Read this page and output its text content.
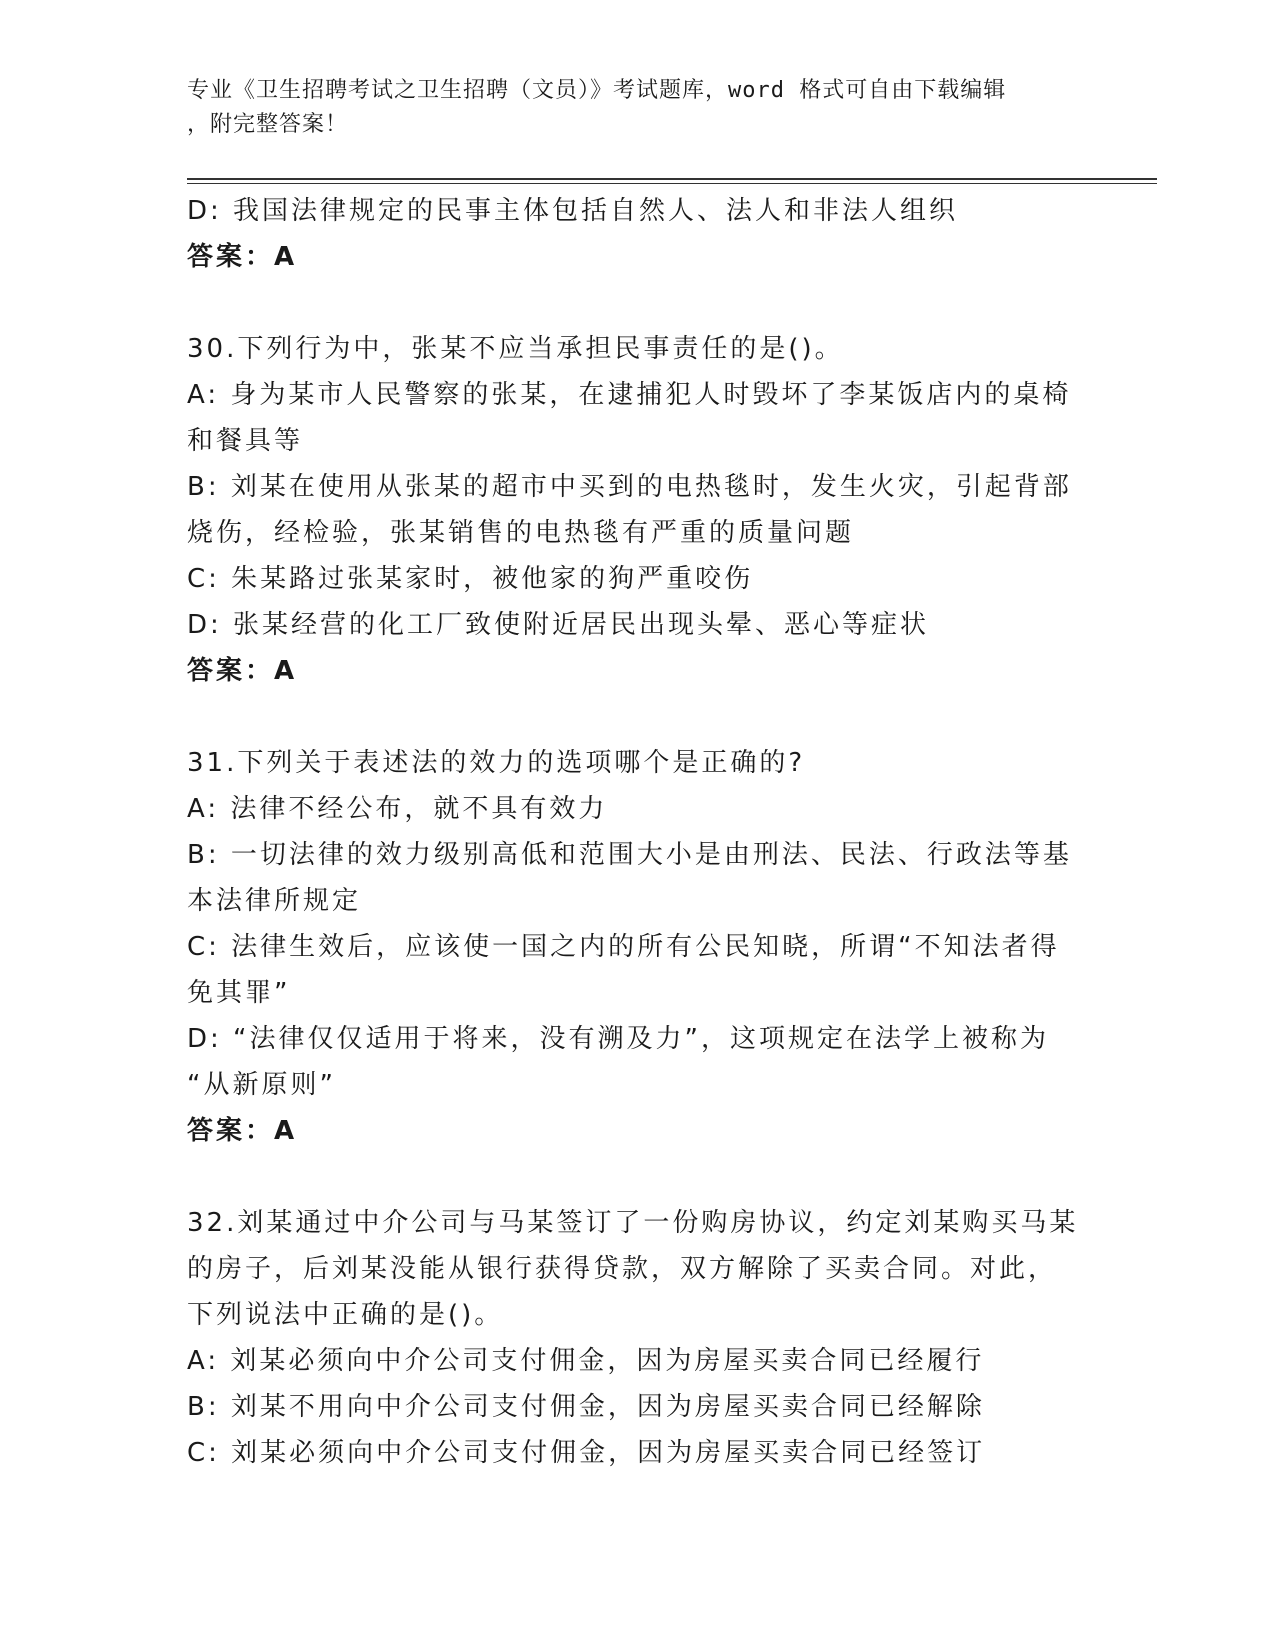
专业《卫生招聘考试之卫生招聘（文员）》考试题库，word 格式可自由下载编辑
，附完整答案！
D: 我国法律规定的民事主体包括自然人、法人和非法人组织
答案：A
30.下列行为中，张某不应当承担民事责任的是()。
A: 身为某市人民警察的张某，在逮捕犯人时毁坏了李某饭店内的桌椅
和餐具等
B: 刘某在使用从张某的超市中买到的电热毯时，发生火灾，引起背部
烧伤，经检验，张某销售的电热毯有严重的质量问题
C: 朱某路过张某家时，被他家的狗严重咬伤
D: 张某经营的化工厂致使附近居民出现头晕、恶心等症状
答案：A
31.下列关于表述法的效力的选项哪个是正确的?
A: 法律不经公布，就不具有效力
B: 一切法律的效力级别高低和范围大小是由刑法、民法、行政法等基
本法律所规定
C: 法律生效后，应该使一国之内的所有公民知晓，所谓“不知法者得
免其罪”
D: “法律仅仅适用于将来，没有溯及力”，这项规定在法学上被称为
“从新原则”
答案：A
32.刘某通过中介公司与马某签订了一份购房协议，约定刘某购买马某
的房子，后刘某没能从银行获得贷款，双方解除了买卖合同。对此，
下列说法中正确的是()。
A: 刘某必须向中介公司支付佣金，因为房屋买卖合同已经履行
B: 刘某不用向中介公司支付佣金，因为房屋买卖合同已经解除
C: 刘某必须向中介公司支付佣金，因为房屋买卖合同已经签订
